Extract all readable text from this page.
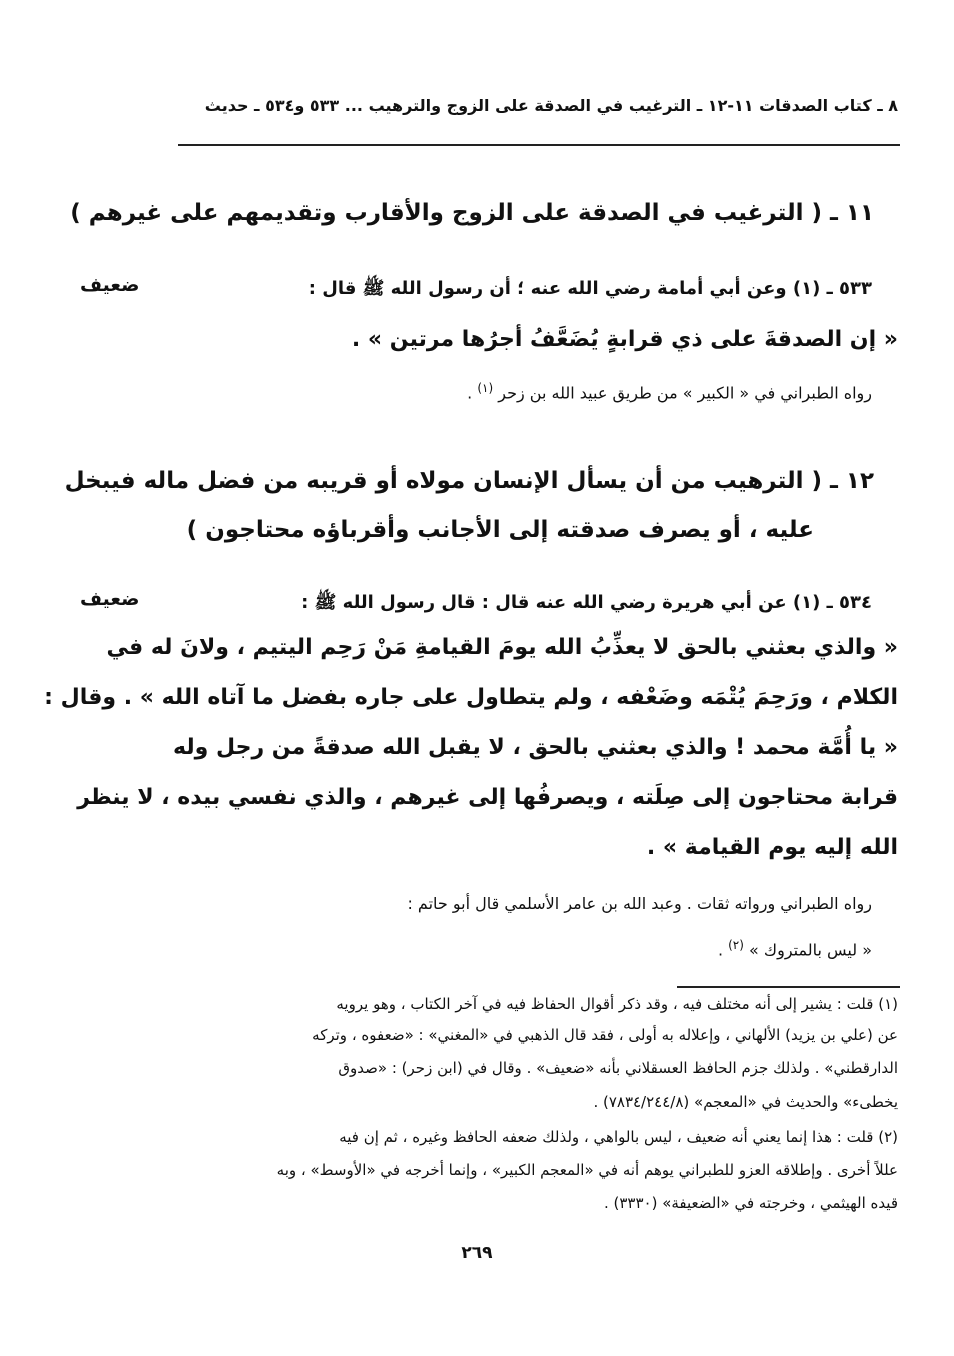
٨ ـ كتاب الصدقات ١١-١٢ ـ الترغيب في الصدقة على الزوج والترهيب ... ٥٣٣ و٥٣٤ ـ حديث
١١ ـ ( الترغيب في الصدقة على الزوج والأقارب وتقديمهم على غيرهم )
ضعيف	٥٣٣ ـ (١) وعن أبي أمامة رضي الله عنه ؛ أن رسول الله ﷺ قال :
« إن الصدقةَ على ذي قرابةٍ يُضَعَّفُ أجرُها مرتين » .
رواه الطبراني في « الكبير » من طريق عبيد الله بن زحر $^{(١)}$ .
١٢ ـ ( الترهيب من أن يسأل الإنسان مولاه أو قريبه من فضل ماله فيبخل
عليه ، أو يصرف صدقته إلى الأجانب وأقرباؤه محتاجون )
ضعيف	٥٣٤ ـ (١) عن أبي هريرة رضي الله عنه قال : قال رسول الله ﷺ :
« والذي بعثني بالحق لا يعذِّبُ الله يومَ القيامةِ مَنْ رَحِم اليتيم ، ولانَ له في
الكلام ، ورَحِمَ يُتْمَه وضَعْفه ، ولم يتطاول على جاره بفضل ما آتاه الله » . وقال :
« يا أُمَّة محمد ! والذي بعثني بالحق ، لا يقبل الله صدقةً من رجل وله
قرابة محتاجون إلى صِلَته ، ويصرفُها إلى غيرهم ، والذي نفسي بيده ، لا ينظر
الله إليه يوم القيامة » .
رواه الطبراني ورواته ثقات . وعبد الله بن عامر الأسلمي قال أبو حاتم :
« ليس بالمتروك » $^{(٢)}$ .
(١) قلت : يشير إلى أنه مختلف فيه ، وقد ذكر أقوال الحفاظ فيه في آخر الكتاب ، وهو يرويه
عن (علي بن يزيد) الألهاني ، وإعلاله به أولى ، فقد قال الذهبي في «المغني» : «ضعفوه ، وتركه
الدارقطني» . ولذلك جزم الحافظ العسقلاني بأنه «ضعيف» . وقال في (ابن زحر) : «صدوق
يخطىء» والحديث في «المعجم» (٧٨٣٤/٢٤٤/٨) .
(٢) قلت : هذا إنما يعني أنه ضعيف ، ليس بالواهي ، ولذلك ضعفه الحافظ وغيره ، ثم إن فيه
عللاً أخرى . وإطلاقه العزو للطبراني يوهم أنه في «المعجم الكبير» ، وإنما أخرجه في «الأوسط» ، وبه
قيده الهيثمي ، وخرجته في «الضعيفة» (٣٣٣٠) .
٢٦٩
